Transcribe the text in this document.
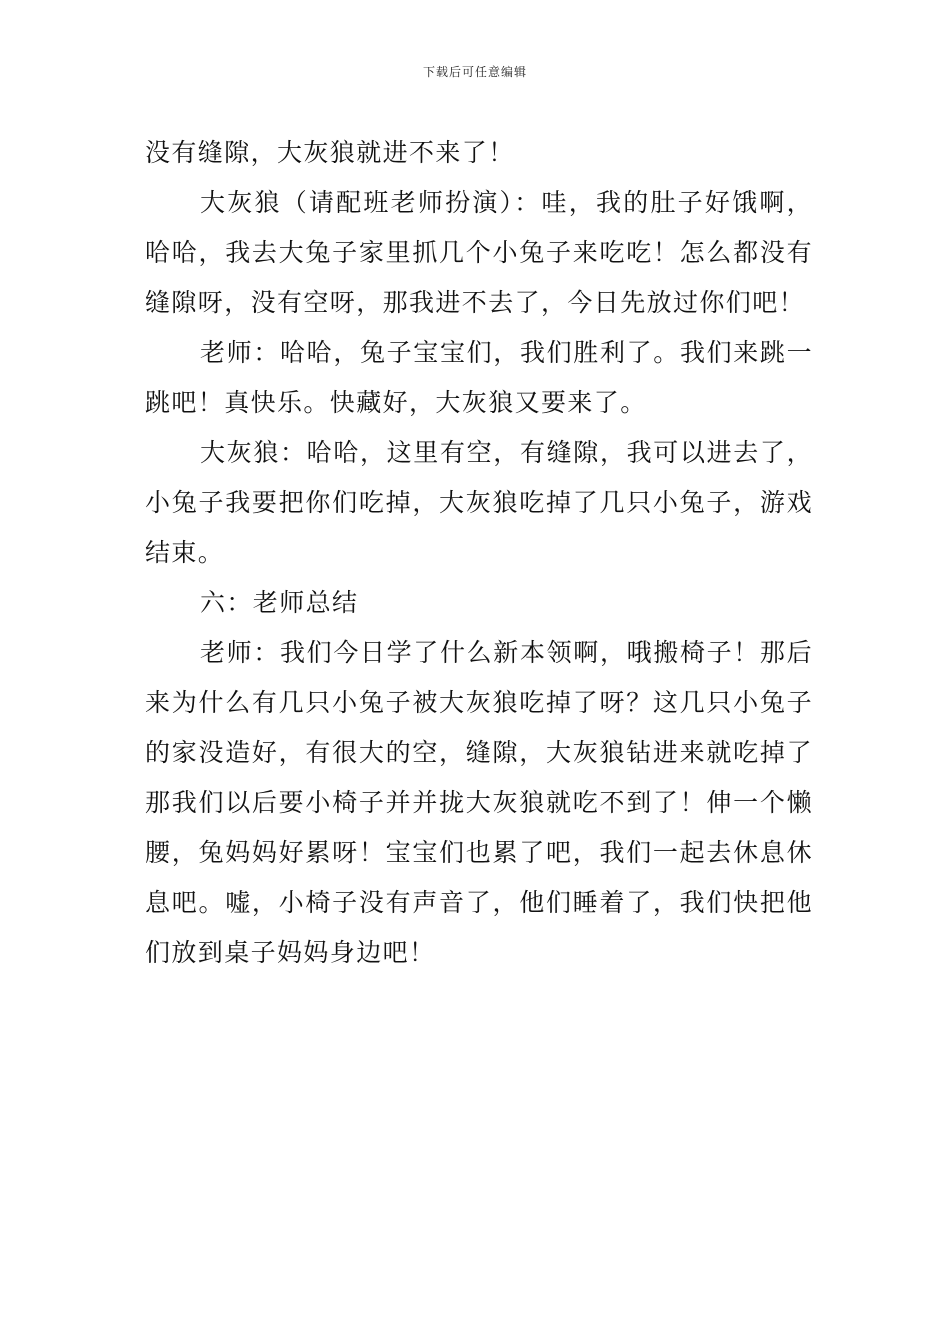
下载后可任意编辑

没有缝隙，大灰狼就进不来了！

大灰狼（请配班老师扮演）：哇，我的肚子好饿啊，哈哈，我去大兔子家里抓几个小兔子来吃吃！怎么都没有缝隙呀，没有空呀，那我进不去了，今日先放过你们吧！

老师：哈哈，兔子宝宝们，我们胜利了。我们来跳一跳吧！真快乐。快藏好，大灰狼又要来了。

大灰狼：哈哈，这里有空，有缝隙，我可以进去了，小兔子我要把你们吃掉，大灰狼吃掉了几只小兔子，游戏结束。

六：老师总结

老师：我们今日学了什么新本领啊，哦搬椅子！那后来为什么有几只小兔子被大灰狼吃掉了呀？这几只小兔子的家没造好，有很大的空，缝隙，大灰狼钻进来就吃掉了那我们以后要小椅子并并拢大灰狼就吃不到了！伸一个懒腰，兔妈妈好累呀！宝宝们也累了吧，我们一起去休息休息吧。嘘，小椅子没有声音了，他们睡着了，我们快把他们放到桌子妈妈身边吧！
